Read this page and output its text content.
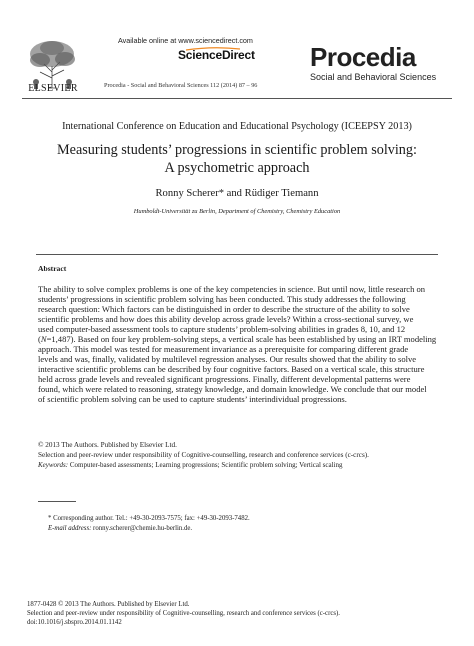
ELSEVIER
Available online at www.sciencedirect.com
ScienceDirect
Procedia - Social and Behavioral Sciences 112 (2014) 87 – 96
Procedia
Social and Behavioral Sciences
International Conference on Education and Educational Psychology (ICEEPSY 2013)
Measuring students’ progressions in scientific problem solving:
A psychometric approach
Ronny Scherer* and Rüdiger Tiemann
Humboldt-Universität zu Berlin, Department of Chemistry, Chemistry Education
Abstract
The ability to solve complex problems is one of the key competencies in science. But until now, little research on
students’ progressions in scientific problem solving has been conducted. This study addresses the following
research question: Which factors can be distinguished in order to describe the structure of the ability to solve
scientific problems and how does this ability develop across grade levels? Within a cross-sectional survey, we
used computer-based assessment tools to capture students’ problem-solving abilities in grades 8, 10, and 12
(N=1,487). Based on four key problem-solving steps, a vertical scale has been established by using an IRT modeling
approach. This model was tested for measurement invariance as a prerequisite for comparing different grade
levels and was, finally, validated by multilevel regression analyses. Our results showed that the ability to solve
interactive scientific problems can be described by four cognitive factors. Based on a vertical scale, this structure
held across grade levels and revealed significant progressions. Finally, different developmental patterns were
found, which were related to reasoning, strategy knowledge, and domain knowledge. We conclude that our model
of scientific problem solving can be used to capture students’ interindividual progressions.
© 2013 The Authors. Published by Elsevier Ltd.
Selection and peer-review under responsibility of Cognitive-counselling, research and conference services (c-crcs).
Keywords: Computer-based assessments; Learning progressions; Scientific problem solving; Vertical scaling
* Corresponding author. Tel.: +49-30-2093-7575; fax: +49-30-2093-7482.
E-mail address: ronny.scherer@chemie.hu-berlin.de.
1877-0428 © 2013 The Authors. Published by Elsevier Ltd.
Selection and peer-review under responsibility of Cognitive-counselling, research and conference services (c-crcs).
doi:10.1016/j.sbspro.2014.01.1142
